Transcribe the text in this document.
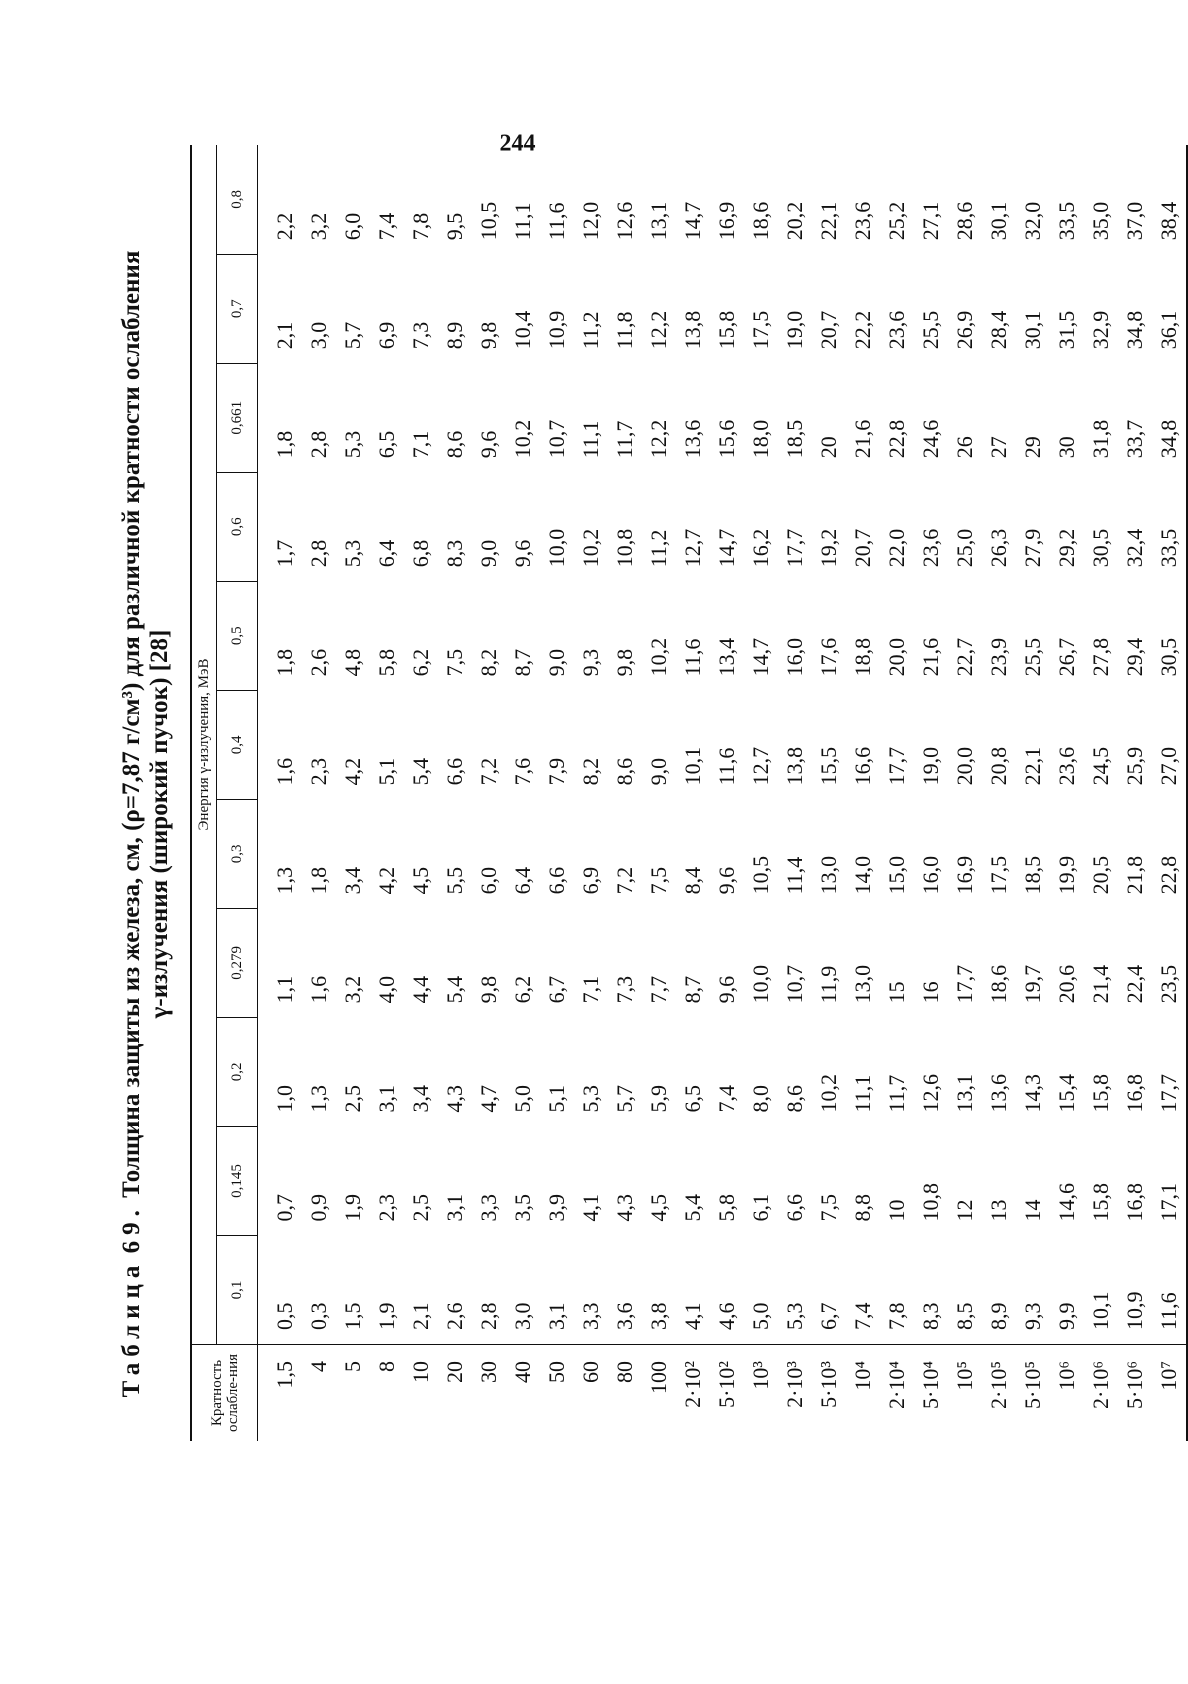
Таблица 69. Толщина защиты из железа, см, (ρ=7,87 г/см³) для различной кратности ослабления γ-излучения (широкий пучок) [28]
Кратность ослабле-ния	Энергия γ-излучения, МэВ										
	0,1	0,145	0,2	0,279	0,3	0,4	0,5	0,6	0,661	0,7	0,8
1,5	0,5	0,7	1,0	1,1	1,3	1,6	1,8	1,7	1,8	2,1	2,2
4	0,3	0,9	1,3	1,6	1,8	2,3	2,6	2,8	2,8	3,0	3,2
5	1,5	1,9	2,5	3,2	3,4	4,2	4,8	5,3	5,3	5,7	6,0
8	1,9	2,3	3,1	4,0	4,2	5,1	5,8	6,4	6,5	6,9	7,4
10	2,1	2,5	3,4	4,4	4,5	5,4	6,2	6,8	7,1	7,3	7,8
20	2,6	3,1	4,3	5,4	5,5	6,6	7,5	8,3	8,6	8,9	9,5
30	2,8	3,3	4,7	9,8	6,0	7,2	8,2	9,0	9,6	9,8	10,5
40	3,0	3,5	5,0	6,2	6,4	7,6	8,7	9,6	10,2	10,4	11,1
50	3,1	3,9	5,1	6,7	6,6	7,9	9,0	10,0	10,7	10,9	11,6
60	3,3	4,1	5,3	7,1	6,9	8,2	9,3	10,2	11,1	11,2	12,0
80	3,6	4,3	5,7	7,3	7,2	8,6	9,8	10,8	11,7	11,8	12,6
100	3,8	4,5	5,9	7,7	7,5	9,0	10,2	11,2	12,2	12,2	13,1
2·10²	4,1	5,4	6,5	8,7	8,4	10,1	11,6	12,7	13,6	13,8	14,7
5·10²	4,6	5,8	7,4	9,6	9,6	11,6	13,4	14,7	15,6	15,8	16,9
10³	5,0	6,1	8,0	10,0	10,5	12,7	14,7	16,2	18,0	17,5	18,6
2·10³	5,3	6,6	8,6	10,7	11,4	13,8	16,0	17,7	18,5	19,0	20,2
5·10³	6,7	7,5	10,2	11,9	13,0	15,5	17,6	19,2	20	20,7	22,1
10⁴	7,4	8,8	11,1	13,0	14,0	16,6	18,8	20,7	21,6	22,2	23,6
2·10⁴	7,8	10	11,7	15	15,0	17,7	20,0	22,0	22,8	23,6	25,2
5·10⁴	8,3	10,8	12,6	16	16,0	19,0	21,6	23,6	24,6	25,5	27,1
10⁵	8,5	12	13,1	17,7	16,9	20,0	22,7	25,0	26	26,9	28,6
2·10⁵	8,9	13	13,6	18,6	17,5	20,8	23,9	26,3	27	28,4	30,1
5·10⁵	9,3	14	14,3	19,7	18,5	22,1	25,5	27,9	29	30,1	32,0
10⁶	9,9	14,6	15,4	20,6	19,9	23,6	26,7	29,2	30	31,5	33,5
2·10⁶	10,1	15,8	15,8	21,4	20,5	24,5	27,8	30,5	31,8	32,9	35,0
5·10⁶	10,9	16,8	16,8	22,4	21,8	25,9	29,4	32,4	33,7	34,8	37,0
10⁷	11,6	17,1	17,7	23,5	22,8	27,0	30,5	33,5	34,8	36,1	38,4
244
